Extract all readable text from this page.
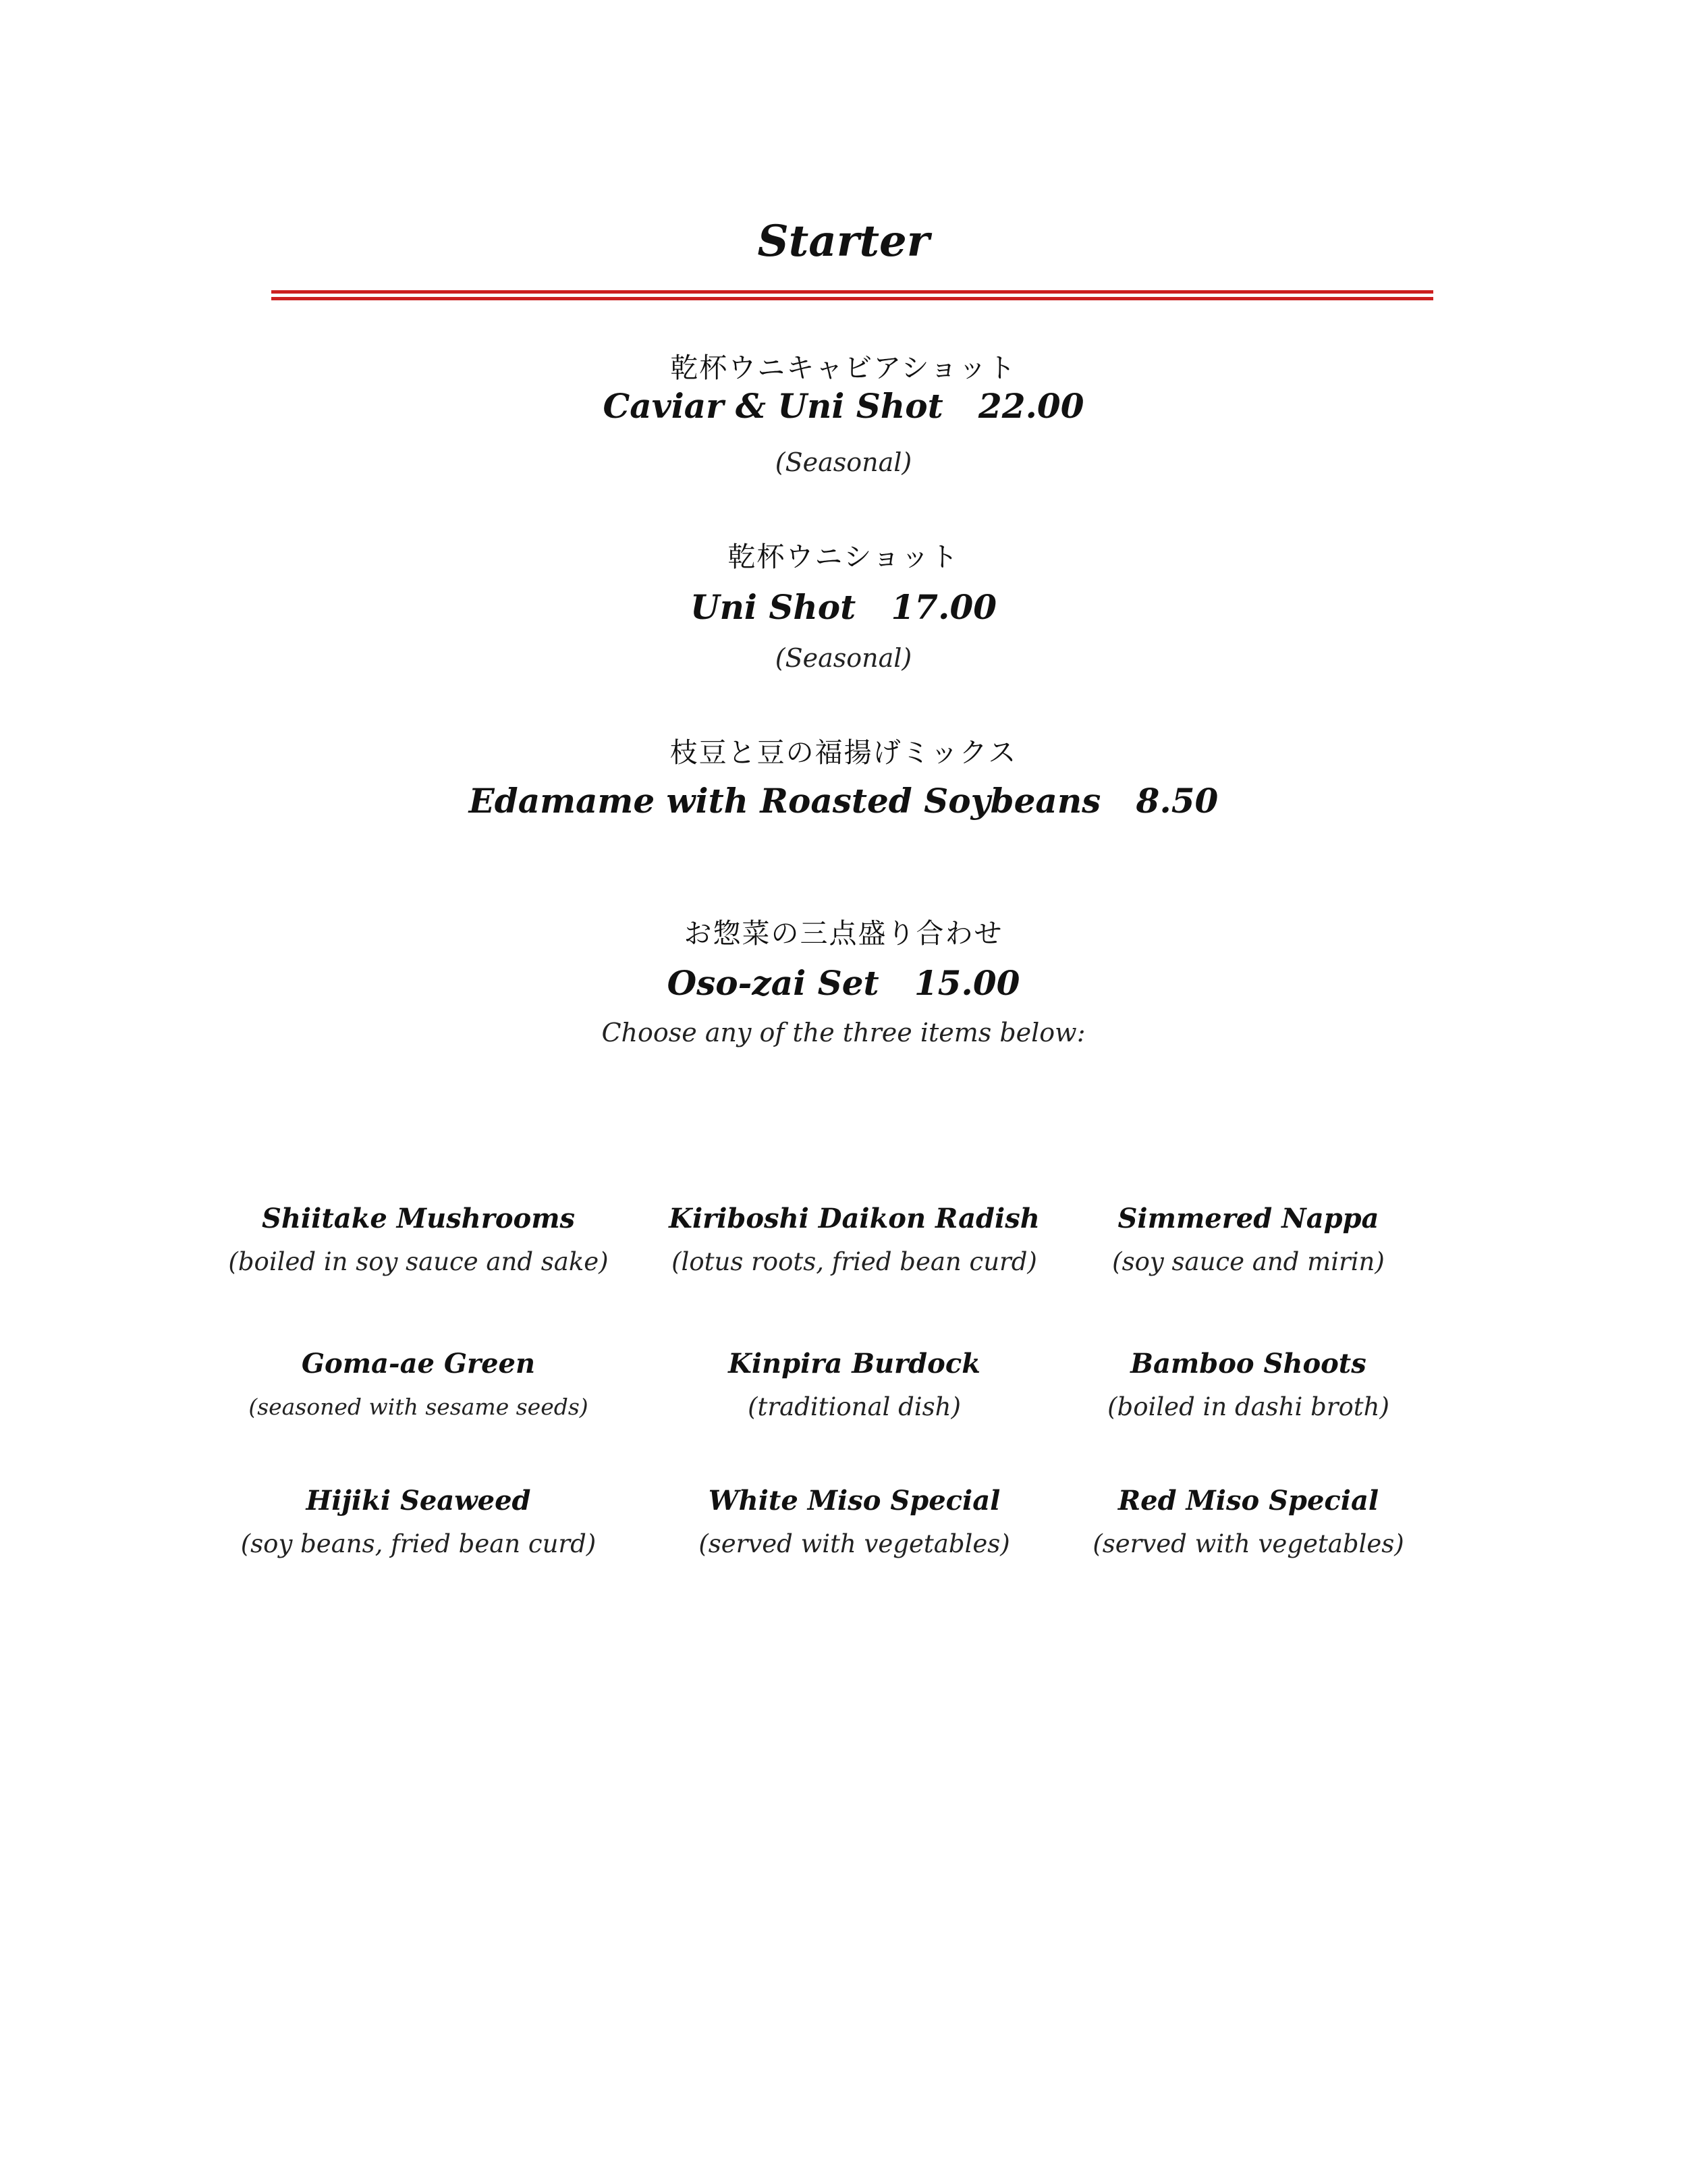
Starter
乾杯ウニキャビアショット
Caviar & Uni Shot   22.00
(Seasonal)
乾杯ウニショット
Uni Shot   17.00
(Seasonal)
枝豆と豆の福揚げミックス
Edamame with Roasted Soybeans   8.50
お惣菜の三点盛り合わせ
Oso-zai Set   15.00
Choose any of the three items below:
Shiitake Mushrooms
(boiled in soy sauce and sake)
Kiriboshi Daikon Radish
(lotus roots, fried bean curd)
Simmered Nappa
(soy sauce and mirin)
Goma-ae Green
(seasoned with sesame seeds)
Kinpira Burdock
(traditional dish)
Bamboo Shoots
(boiled in dashi broth)
Hijiki Seaweed
(soy beans, fried bean curd)
White Miso Special
(served with vegetables)
Red Miso Special
(served with vegetables)
